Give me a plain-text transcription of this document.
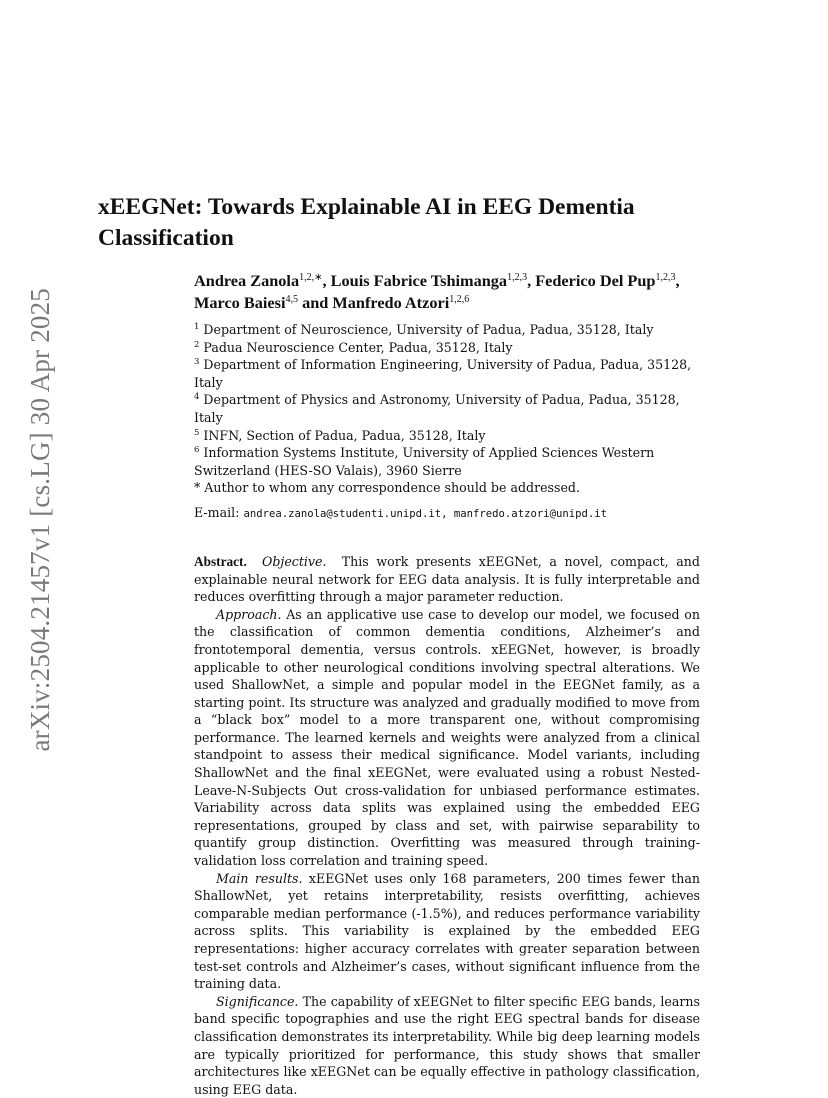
arXiv:2504.21457v1 [cs.LG] 30 Apr 2025
xEEGNet: Towards Explainable AI in EEG Dementia Classification

Andrea Zanola$^{1,2,∗}$, Louis Fabrice Tshimanga$^{1,2,3}$, Federico Del Pup$^{1,2,3}$, Marco Baiesi$^{4,5}$ and Manfredo Atzori$^{1,2,6}$

$^1$ Department of Neuroscience, University of Padua, Padua, 35128, Italy
$^2$ Padua Neuroscience Center, Padua, 35128, Italy
$^3$ Department of Information Engineering, University of Padua, Padua, 35128, Italy
$^4$ Department of Physics and Astronomy, University of Padua, Padua, 35128, Italy
$^5$ INFN, Section of Padua, Padua, 35128, Italy
$^6$ Information Systems Institute, University of Applied Sciences Western Switzerland (HES-SO Valais), 3960 Sierre
* Author to whom any correspondence should be addressed.

E-mail: andrea.zanola@studenti.unipd.it, manfredo.atzori@unipd.it

Abstract. Objective. This work presents xEEGNet, a novel, compact, and explainable neural network for EEG data analysis. It is fully interpretable and reduces overfitting through a major parameter reduction.

Approach. As an applicative use case to develop our model, we focused on the classification of common dementia conditions, Alzheimer’s and frontotemporal dementia, versus controls. xEEGNet, however, is broadly applicable to other neurological conditions involving spectral alterations. We used ShallowNet, a simple and popular model in the EEGNet family, as a starting point. Its structure was analyzed and gradually modified to move from a “black box” model to a more transparent one, without compromising performance. The learned kernels and weights were analyzed from a clinical standpoint to assess their medical significance. Model variants, including ShallowNet and the final xEEGNet, were evaluated using a robust Nested-Leave-N-Subjects Out cross-validation for unbiased performance estimates. Variability across data splits was explained using the embedded EEG representations, grouped by class and set, with pairwise separability to quantify group distinction. Overfitting was measured through training-validation loss correlation and training speed.

Main results. xEEGNet uses only 168 parameters, 200 times fewer than ShallowNet, yet retains interpretability, resists overfitting, achieves comparable median performance (-1.5%), and reduces performance variability across splits. This variability is explained by the embedded EEG representations: higher accuracy correlates with greater separation between test-set controls and Alzheimer’s cases, without significant influence from the training data.

Significance. The capability of xEEGNet to filter specific EEG bands, learns band specific topographies and use the right EEG spectral bands for disease classification demonstrates its interpretability. While big deep learning models are typically prioritized for performance, this study shows that smaller architectures like xEEGNet can be equally effective in pathology classification, using EEG data.
